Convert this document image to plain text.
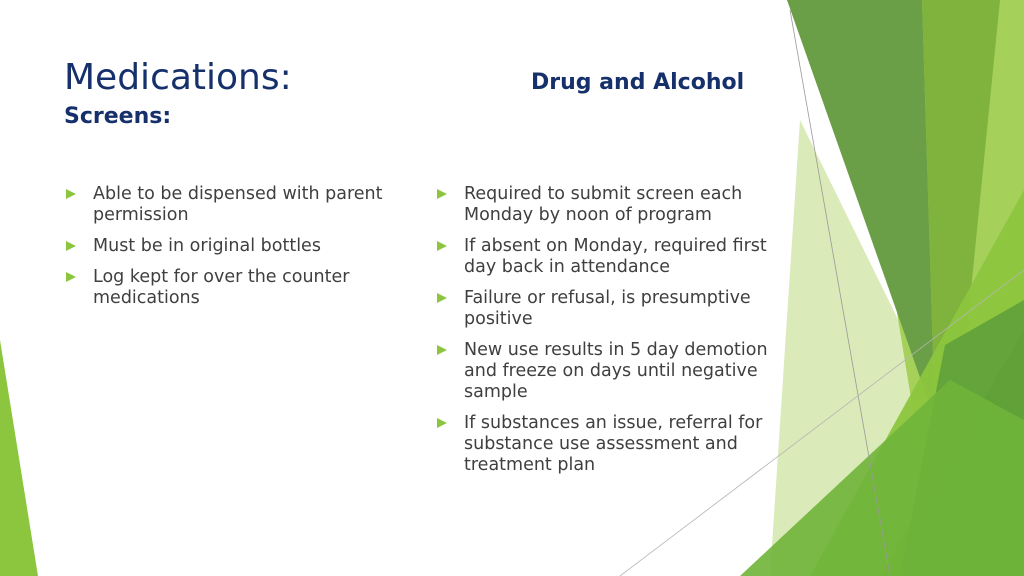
Medications:
Screens:
Drug and Alcohol
Able to be dispensed with parent permission
Must be in original bottles
Log kept for over the counter medications
Required to submit screen each Monday by noon of program
If absent on Monday, required first day back in attendance
Failure or refusal, is presumptive positive
New use results in 5 day demotion and freeze on days until negative sample
If substances an issue, referral for substance use assessment and treatment plan
